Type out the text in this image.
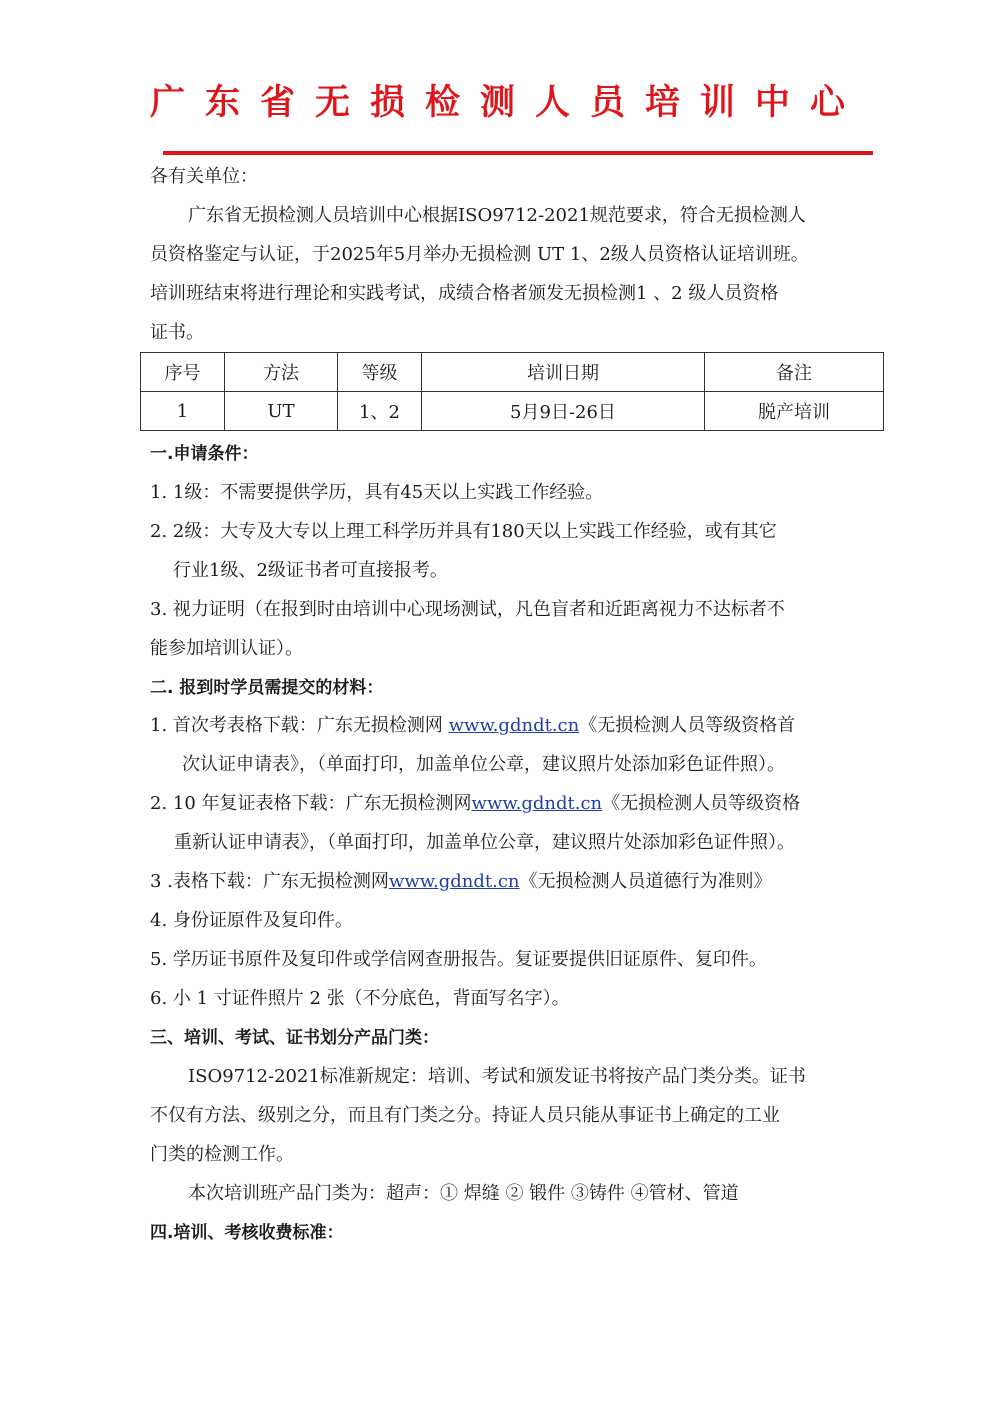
广东省无损检测人员培训中心
各有关单位：
广东省无损检测人员培训中心根据ISO9712-2021规范要求，符合无损检测人
员资格鉴定与认证，于2025年5月举办无损检测 UT 1、2级人员资格认证培训班。
培训班结束将进行理论和实践考试，成绩合格者颁发无损检测1 、2 级人员资格
证书。
序号	方法	等级	培训日期	备注
1	UT	1、2	5月9日-26日	脱产培训
一.申请条件：
1. 1级：不需要提供学历，具有45天以上实践工作经验。
2. 2级：大专及大专以上理工科学历并具有180天以上实践工作经验，或有其它
行业1级、2级证书者可直接报考。
3. 视力证明（在报到时由培训中心现场测试，凡色盲者和近距离视力不达标者不
能参加培训认证）。
二. 报到时学员需提交的材料：
1. 首次考表格下载：广东无损检测网 www.gdndt.cn《无损检测人员等级资格首
次认证申请表》，（单面打印，加盖单位公章，建议照片处添加彩色证件照）。
2. 10 年复证表格下载：广东无损检测网www.gdndt.cn《无损检测人员等级资格
重新认证申请表》，（单面打印，加盖单位公章，建议照片处添加彩色证件照）。
3 .表格下载：广东无损检测网www.gdndt.cn《无损检测人员道德行为准则》
4. 身份证原件及复印件。
5. 学历证书原件及复印件或学信网查册报告。复证要提供旧证原件、复印件。
6. 小 1 寸证件照片 2 张（不分底色，背面写名字）。
三、培训、考试、证书划分产品门类：
ISO9712-2021标准新规定：培训、考试和颁发证书将按产品门类分类。证书
不仅有方法、级别之分，而且有门类之分。持证人员只能从事证书上确定的工业
门类的检测工作。
本次培训班产品门类为：超声：① 焊缝 ② 锻件 ③铸件 ④管材、管道
四.培训、考核收费标准：
